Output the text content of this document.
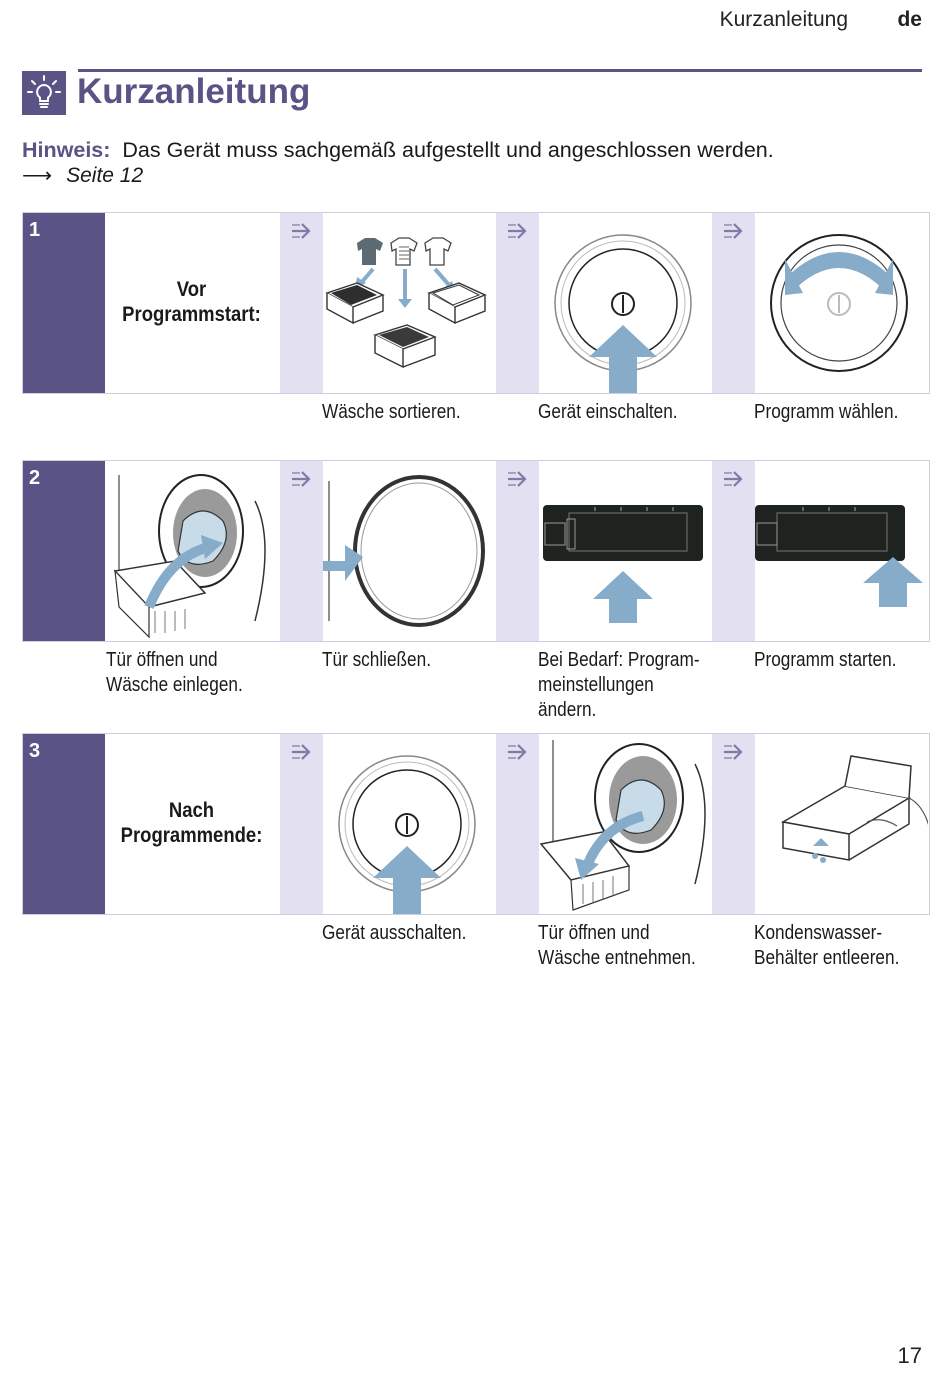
Kurzanleitung de
Kurzanleitung
Hinweis: Das Gerät muss sachgemäß aufgestellt und angeschlossen werden.
⟶ Seite 12
1
Vor
Programmstart:
Wäsche sortieren.	Gerät einschalten.	Programm wählen.
2
Tür öffnen und
Wäsche einlegen.
Tür schließen.	Bei Bedarf: Program-
meinstellungen
ändern.
Programm starten.
3
Nach
Programmende:
Gerät ausschalten.	Tür öffnen und
Wäsche entnehmen.
Kondenswasser-
Behälter entleeren.
17
